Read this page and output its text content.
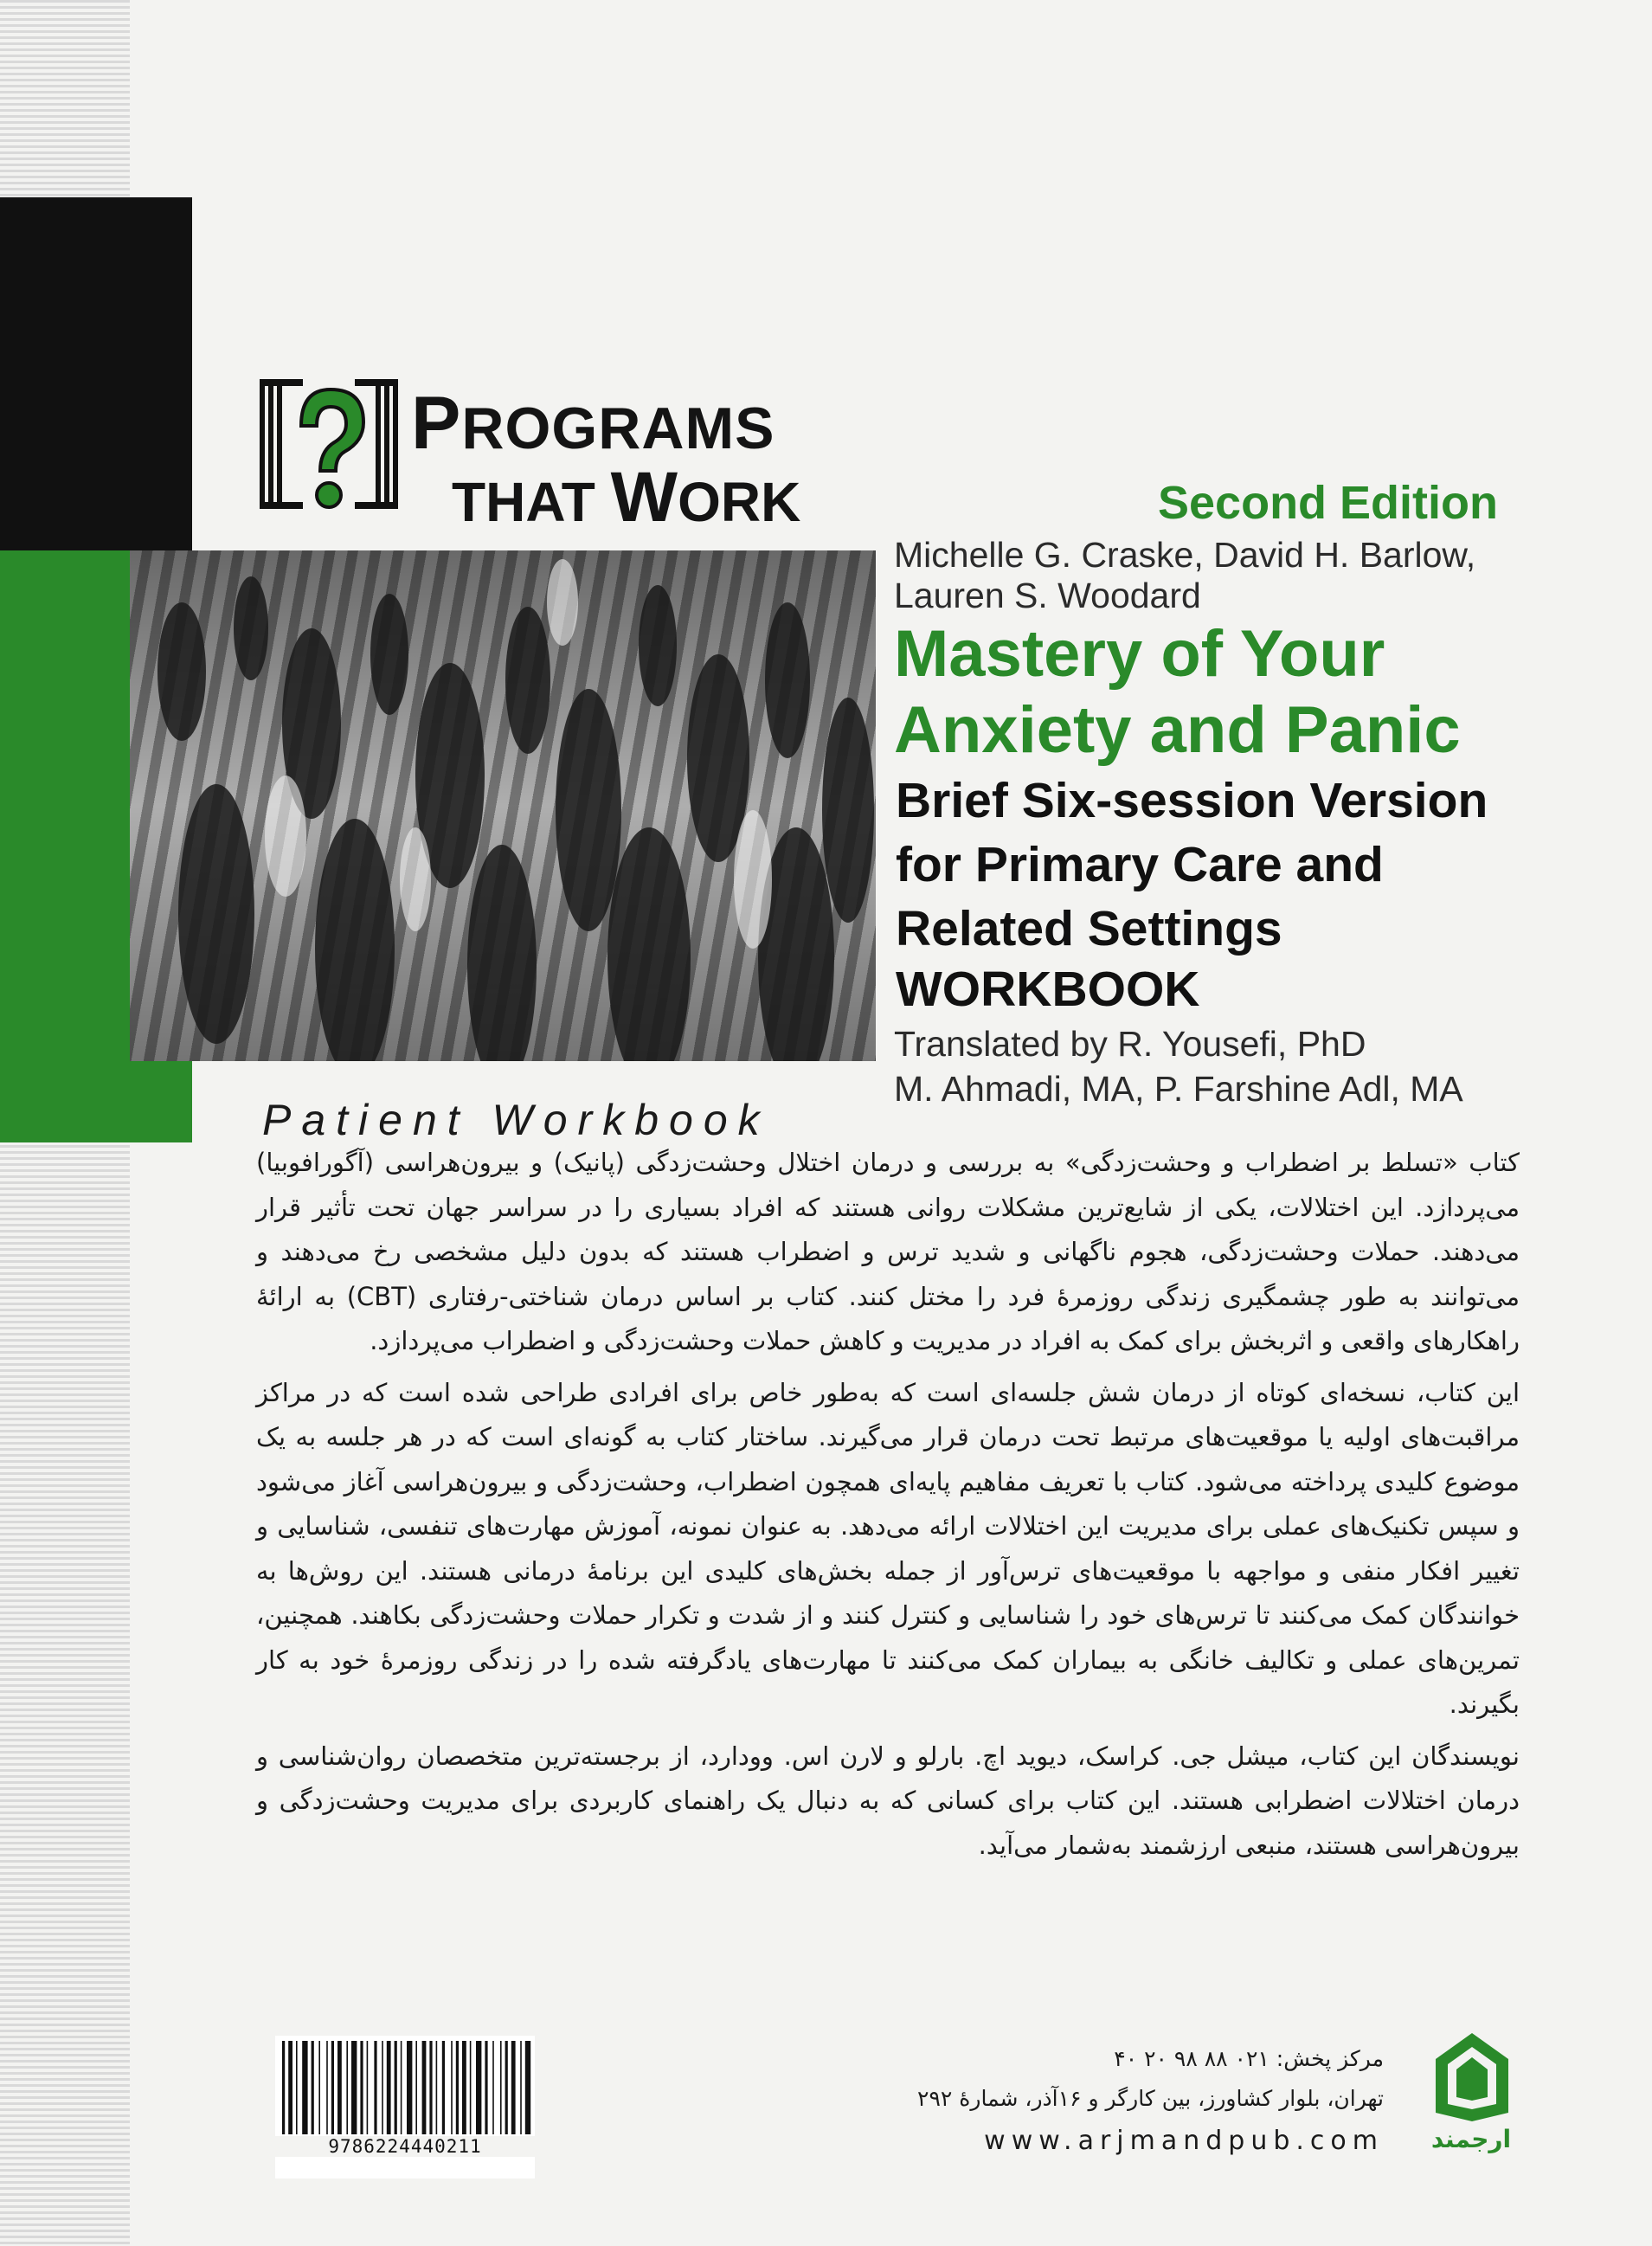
PROGRAMS
THAT WORK
Patient Workbook
Second Edition
Michelle G. Craske, David H. Barlow,
Lauren S. Woodard
Mastery of Your
Anxiety and Panic
Brief Six-session Version
for Primary Care and
Related Settings
WORKBOOK
Translated by R. Yousefi, PhD
M. Ahmadi, MA, P. Farshine Adl, MA

کتاب «تسلط بر اضطراب و وحشت‌زدگی» به بررسی و درمان اختلال وحشت‌زدگی (پانیک) و بیرون‌هراسی (آگورافوبیا) می‌پردازد. این اختلالات، یکی از شایع‌ترین مشکلات روانی هستند که افراد بسیاری را در سراسر جهان تحت تأثیر قرار می‌دهند. حملات وحشت‌زدگی، هجوم ناگهانی و شدید ترس و اضطراب هستند که بدون دلیل مشخصی رخ می‌دهند و می‌توانند به طور چشمگیری زندگی روزمرهٔ فرد را مختل کنند. کتاب بر اساس درمان شناختی-رفتاری (CBT) به ارائهٔ راهکارهای واقعی و اثربخش برای کمک به افراد در مدیریت و کاهش حملات وحشت‌زدگی و اضطراب می‌پردازد.

این کتاب، نسخه‌ای کوتاه از درمان شش جلسه‌ای است که به‌طور خاص برای افرادی طراحی شده است که در مراکز مراقبت‌های اولیه یا موقعیت‌های مرتبط تحت درمان قرار می‌گیرند. ساختار کتاب به گونه‌ای است که در هر جلسه به یک موضوع کلیدی پرداخته می‌شود. کتاب با تعریف مفاهیم پایه‌ای همچون اضطراب، وحشت‌زدگی و بیرون‌هراسی آغاز می‌شود و سپس تکنیک‌های عملی برای مدیریت این اختلالات ارائه می‌دهد. به عنوان نمونه، آموزش مهارت‌های تنفسی، شناسایی و تغییر افکار منفی و مواجهه با موقعیت‌های ترس‌آور از جمله بخش‌های کلیدی این برنامهٔ درمانی هستند. این روش‌ها به خوانندگان کمک می‌کنند تا ترس‌های خود را شناسایی و کنترل کنند و از شدت و تکرار حملات وحشت‌زدگی بکاهند. همچنین، تمرین‌های عملی و تکالیف خانگی به بیماران کمک می‌کنند تا مهارت‌های یادگرفته شده را در زندگی روزمرهٔ خود به کار بگیرند.

نویسندگان این کتاب، میشل جی. کراسک، دیوید اچ. بارلو و لارن اس. وودارد، از برجسته‌ترین متخصصان روان‌شناسی و درمان اختلالات اضطرابی هستند. این کتاب برای کسانی که به دنبال یک راهنمای کاربردی برای مدیریت وحشت‌زدگی و بیرون‌هراسی هستند، منبعی ارزشمند به‌شمار می‌آید.

9786224440211
مرکز پخش: ۰۲۱ ۸۸ ۹۸ ۲۰ ۴۰
تهران، بلوار کشاورز، بین کارگر و ۱۶آذر، شمارهٔ ۲۹۲
www.arjmandpub.com	ارجمند
